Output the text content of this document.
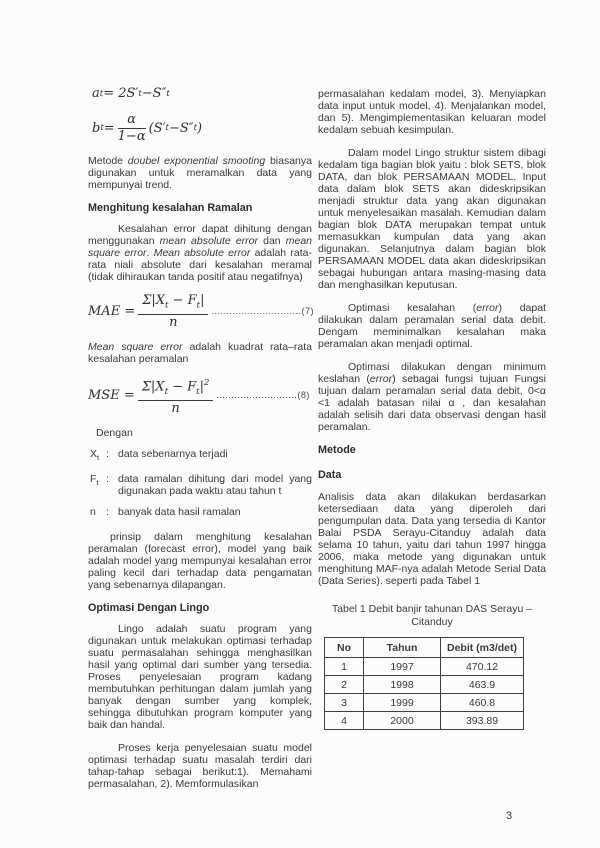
a t = 2S′ t −S″ t
b $t = \frac{\alpha}{1-\alpha} (S'$ t −S″ t )

Metode doubel exponential smooting biasanya digunakan untuk meramalkan data yang mempunyai trend.

Menghitung kesalahan Ramalan

Kesalahan error dapat dihitung dengan menggunakan mean absolute error dan mean square error. Mean absolute error adalah rata- rata niali absolute dari kesalahan meramal (tidak dihiraukan tanda positif atau negatifnya)

MAE = $\frac{\Sigma|X_t - F_t|}{n} ..............................(7)$

Mean square error adalah kuadrat rata–rata kesalahan peramalan

MSE = $\frac{\Sigma|X_t - F_t|^2}{n} ...........................(8)$
Dengan
$X_t$ : data sebenarnya terjadi
$F_t$ : data ramalan dihitung dari model yang digunakan pada waktu atau tahun t
n : banyak data hasil ramalan

prinsip dalam menghitung kesalahan peramalan (forecast error), model yang baik adalah model yang mempunyai kesalahan error paling kecil dari terhadap data pengamatan yang sebenarnya dilapangan.

Optimasi Dengan Lingo

Lingo adalah suatu program yang digunakan untuk melakukan optimasi terhadap suatu permasalahan sehingga menghasilkan hasil yang optimal dari sumber yang tersedia. Proses penyelesaian program kadang membutuhkan perhitungan dalam jumlah yang banyak dengan sumber yang komplek, sehingga dibutuhkan program komputer yang baik dan handal.

Proses kerja penyelesaian suatu model optimasi terhadap suatu masalah terdiri dari tahap-tahap sebagai berikut:1). Memahami permasalahan, 2). Memformulasikan

permasalahan kedalam model, 3). Menyiapkan data input untuk model, 4). Menjalankan model, dan 5). Mengimplementasikan keluaran model kedalam sebuah kesimpulan.

Dalam model Lingo struktur sistem dibagi kedalam tiga bagian blok yaitu : blok SETS, blok DATA, dan blok PERSAMAAN MODEL. Input data dalam blok SETS akan dideskripsikan menjadi struktur data yang akan digunakan untuk menyelesaikan masalah. Kemudian dalam bagian blok DATA merupakan tempat untuk memasukkan kumpulan data yang akan digunakan. Selanjutnya dalam bagian blok PERSAMAAN MODEL data akan dideskripsikan sebagai hubungan antara masing-masing data dan menghasilkan keputusan.

Optimasi kesalahan (error) dapat dilakukan dalam peramalan serial data debit. Dengam meminimalkan kesalahan maka peramalan akan menjadi optimal.

Optimasi dilakukan dengan minimum keslahan (error) sebagai fungsi tujuan Fungsi tujuan dalam peramalan serial data debit, 0<α <1 adalah batasan nilai α , dan kesalahan adalah selisih dari data observasi dengan hasil peramalan.

Metode
Data

Analisis data akan dilakukan berdasarkan ketersediaan data yang diperoleh dari pengumpulan data. Data yang tersedia di Kantor Balai PSDA Serayu-Citanduy adalah data selama 10 tahun, yaitu dari tahun 1997 hingga 2006, maka metode yang digunakan untuk menghitung MAF-nya adalah Metode Serial Data (Data Series). seperti pada Tabel 1

Tabel 1 Debit banjir tahunan DAS Serayu – Citanduy
No	Tahun	Debit (m3/det)
1	1997	470.12
2	1998	463.9
3	1999	460.8
4	2000	393.89
3
